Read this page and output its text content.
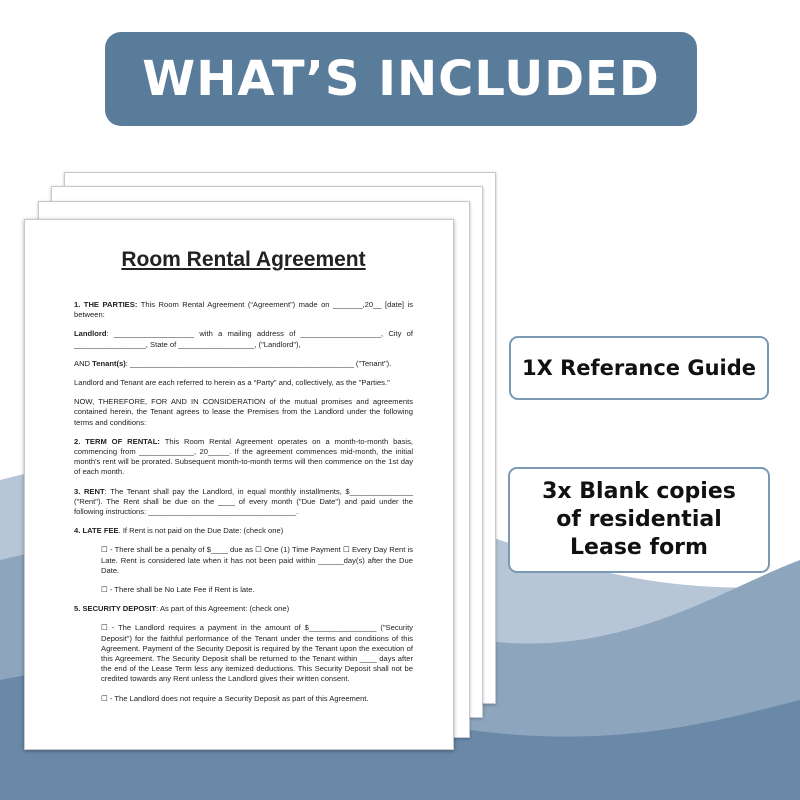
WHAT’S INCLUDED
Room Rental Agreement

1. THE PARTIES: This Room Rental Agreement (“Agreement”) made on _______,20__ [date] is between:

Landlord: ___________________ with a mailing address of ___________________, City of _________________, State of __________________, ("Landlord"),

AND Tenant(s): _____________________________________________________ ("Tenant").

Landlord and Tenant are each referred to herein as a “Party” and, collectively, as the "Parties."

NOW, THEREFORE, FOR AND IN CONSIDERATION of the mutual promises and agreements contained herein, the Tenant agrees to lease the Premises from the Landlord under the following terms and conditions:

2. TERM OF RENTAL: This Room Rental Agreement operates on a month-to-month basis, commencing from _____________, 20_____. If the agreement commences mid-month, the initial month's rent will be prorated. Subsequent month-to-month terms will then commence on the 1st day of each month.

3. RENT: The Tenant shall pay the Landlord, in equal monthly installments, $_______________ ("Rent"). The Rent shall be due on the ____ of every month ("Due Date") and paid under the following instructions: ___________________________________.

4. LATE FEE. If Rent is not paid on the Due Date: (check one)

☐ - There shall be a penalty of $____ due as ☐ One (1) Time Payment ☐ Every Day Rent is Late. Rent is considered late when it has not been paid within ______day(s) after the Due Date.

☐ - There shall be No Late Fee if Rent is late.

5. SECURITY DEPOSIT: As part of this Agreement: (check one)

☐ - The Landlord requires a payment in the amount of $________________ ("Security Deposit") for the faithful performance of the Tenant under the terms and conditions of this Agreement. Payment of the Security Deposit is required by the Tenant upon the execution of this Agreement. The Security Deposit shall be returned to the Tenant within ____ days after the end of the Lease Term less any itemized deductions. This Security Deposit shall not be credited towards any Rent unless the Landlord gives their written consent.

☐ - The Landlord does not require a Security Deposit as part of this Agreement.

1X Referance Guide
3x Blank copies
of residential
Lease form
